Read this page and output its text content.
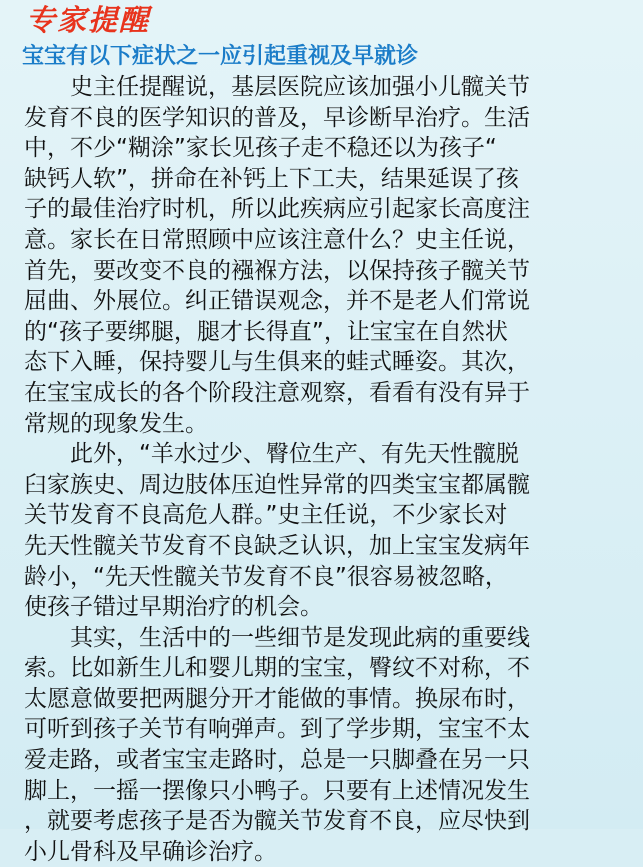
专家提醒
宝宝有以下症状之一应引起重视及早就诊
　　史主任提醒说，基层医院应该加强小儿髋关节
发育不良的医学知识的普及，早诊断早治疗。生活
中，不少“糊涂”家长见孩子走不稳还以为孩子“
缺钙人软”，拼命在补钙上下工夫，结果延误了孩
子的最佳治疗时机，所以此疾病应引起家长高度注
意。家长在日常照顾中应该注意什么？史主任说，
首先，要改变不良的襁褓方法，以保持孩子髋关节
屈曲、外展位。纠正错误观念，并不是老人们常说
的“孩子要绑腿，腿才长得直”，让宝宝在自然状
态下入睡，保持婴儿与生俱来的蛙式睡姿。其次，
在宝宝成长的各个阶段注意观察，看看有没有异于
常规的现象发生。
　　此外，“羊水过少、臀位生产、有先天性髋脱
臼家族史、周边肢体压迫性异常的四类宝宝都属髋
关节发育不良高危人群。”史主任说，不少家长对
先天性髋关节发育不良缺乏认识，加上宝宝发病年
龄小，“先天性髋关节发育不良”很容易被忽略，
使孩子错过早期治疗的机会。
　　其实，生活中的一些细节是发现此病的重要线
索。比如新生儿和婴儿期的宝宝，臀纹不对称，不
太愿意做要把两腿分开才能做的事情。换尿布时，
可听到孩子关节有响弹声。到了学步期，宝宝不太
爱走路，或者宝宝走路时，总是一只脚叠在另一只
脚上，一摇一摆像只小鸭子。只要有上述情况发生
，就要考虑孩子是否为髋关节发育不良，应尽快到
小儿骨科及早确诊治疗。
